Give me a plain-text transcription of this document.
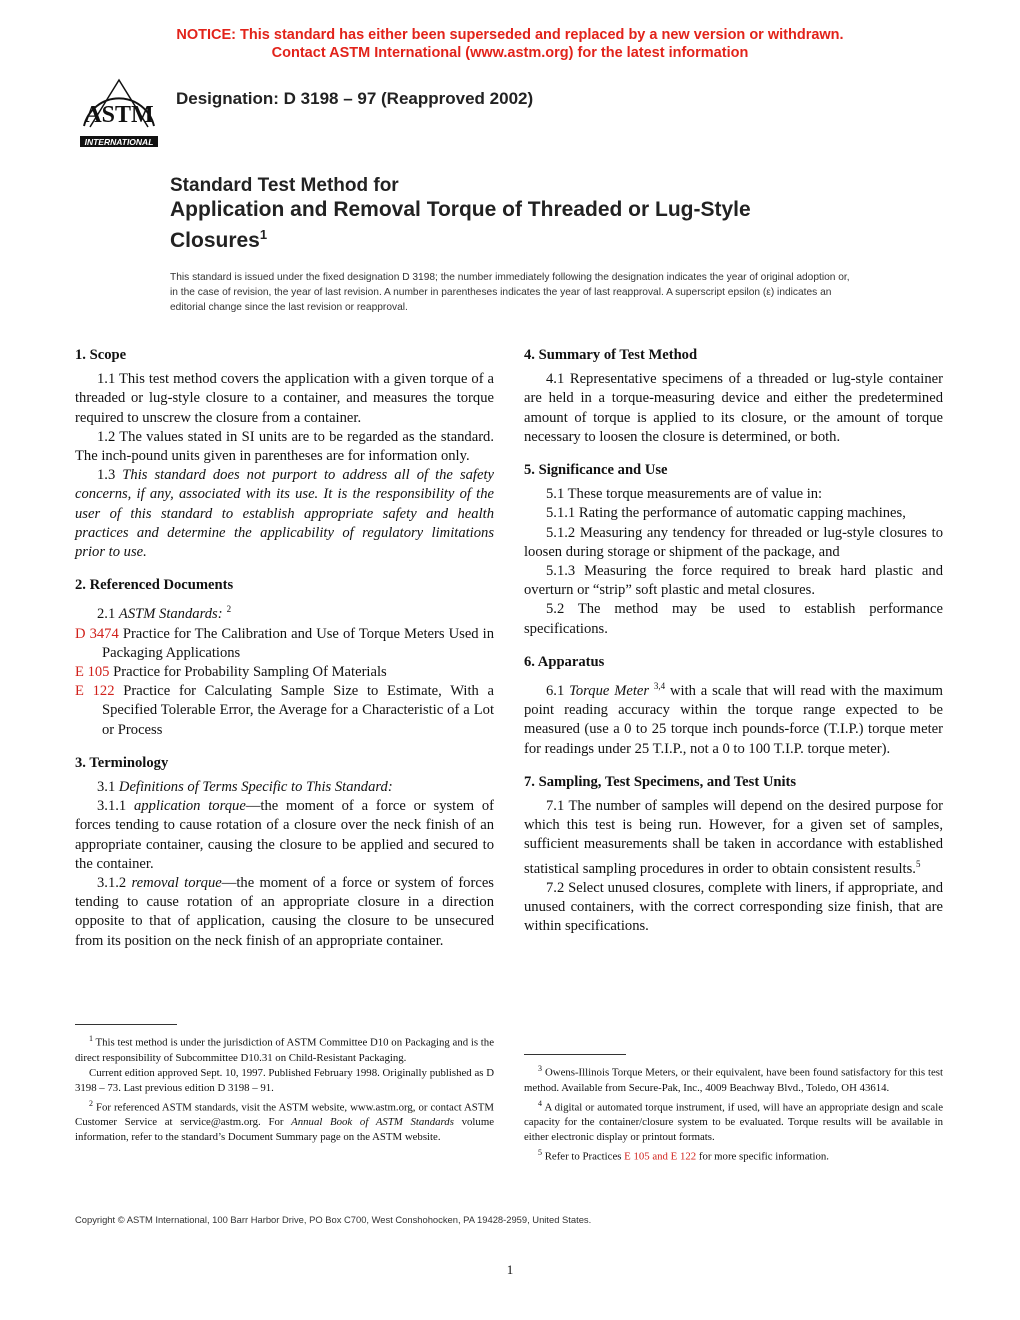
NOTICE: This standard has either been superseded and replaced by a new version or withdrawn.
Contact ASTM International (www.astm.org) for the latest information
ASTM
INTERNATIONAL
Designation: D 3198 – 97 (Reapproved 2002)
Standard Test Method for
Application and Removal Torque of Threaded or Lug-Style
Closures$^1$
This standard is issued under the fixed designation D 3198; the number immediately following the designation indicates the year of original adoption or, in the case of revision, the year of last revision. A number in parentheses indicates the year of last reapproval. A superscript epsilon (ε) indicates an editorial change since the last revision or reapproval.
1. Scope

1.1 This test method covers the application with a given torque of a threaded or lug-style closure to a container, and measures the torque required to unscrew the closure from a container.

1.2 The values stated in SI units are to be regarded as the standard. The inch-pound units given in parentheses are for information only.

1.3 This standard does not purport to address all of the safety concerns, if any, associated with its use. It is the responsibility of the user of this standard to establish appropriate safety and health practices and determine the applicability of regulatory limitations prior to use.

2. Referenced Documents

2.1 ASTM Standards: $^2$

D 3474 Practice for The Calibration and Use of Torque Meters Used in Packaging Applications
E 105 Practice for Probability Sampling Of Materials
E 122 Practice for Calculating Sample Size to Estimate, With a Specified Tolerable Error, the Average for a Characteristic of a Lot or Process
3. Terminology

3.1 Definitions of Terms Specific to This Standard:

3.1.1 application torque—the moment of a force or system of forces tending to cause rotation of a closure over the neck finish of an appropriate container, causing the closure to be applied and secured to the container.

3.1.2 removal torque—the moment of a force or system of forces tending to cause rotation of an appropriate closure in a direction opposite to that of application, causing the closure to be unsecured from its position on the neck finish of an appropriate container.

4. Summary of Test Method

4.1 Representative specimens of a threaded or lug-style container are held in a torque-measuring device and either the predetermined amount of torque is applied to its closure, or the amount of torque necessary to loosen the closure is determined, or both.

5. Significance and Use

5.1 These torque measurements are of value in:

5.1.1 Rating the performance of automatic capping machines,

5.1.2 Measuring any tendency for threaded or lug-style closures to loosen during storage or shipment of the package, and

5.1.3 Measuring the force required to break hard plastic and overturn or “strip” soft plastic and metal closures.

5.2 The method may be used to establish performance specifications.

6. Apparatus

6.1 Torque Meter $^{3,4}$ with a scale that will read with the maximum point reading accuracy within the torque range expected to be measured (use a 0 to 25 torque inch pounds-force (T.I.P.) torque meter for readings under 25 T.I.P., not a 0 to 100 T.I.P. torque meter).

7. Sampling, Test Specimens, and Test Units

7.1 The number of samples will depend on the desired purpose for which this test is being run. However, for a given set of samples, sufficient measurements shall be taken in accordance with established statistical sampling procedures in order to obtain consistent results.$^5$

7.2 Select unused closures, complete with liners, if appropriate, and unused containers, with the correct corresponding size finish, that are within specifications.

$^1$ This test method is under the jurisdiction of ASTM Committee D10 on Packaging and is the direct responsibility of Subcommittee D10.31 on Child-Resistant Packaging.

Current edition approved Sept. 10, 1997. Published February 1998. Originally published as D 3198 – 73. Last previous edition D 3198 – 91.

$^2$ For referenced ASTM standards, visit the ASTM website, www.astm.org, or contact ASTM Customer Service at service@astm.org. For Annual Book of ASTM Standards volume information, refer to the standard’s Document Summary page on the ASTM website.

$^3$ Owens-Illinois Torque Meters, or their equivalent, have been found satisfactory for this test method. Available from Secure-Pak, Inc., 4009 Beachway Blvd., Toledo, OH 43614.

$^4$ A digital or automated torque instrument, if used, will have an appropriate design and scale capacity for the container/closure system to be evaluated. Torque results will be available in either electronic display or printout formats.

$^5$ Refer to Practices E 105 and E 122 for more specific information.

Copyright © ASTM International, 100 Barr Harbor Drive, PO Box C700, West Conshohocken, PA 19428-2959, United States.
1
